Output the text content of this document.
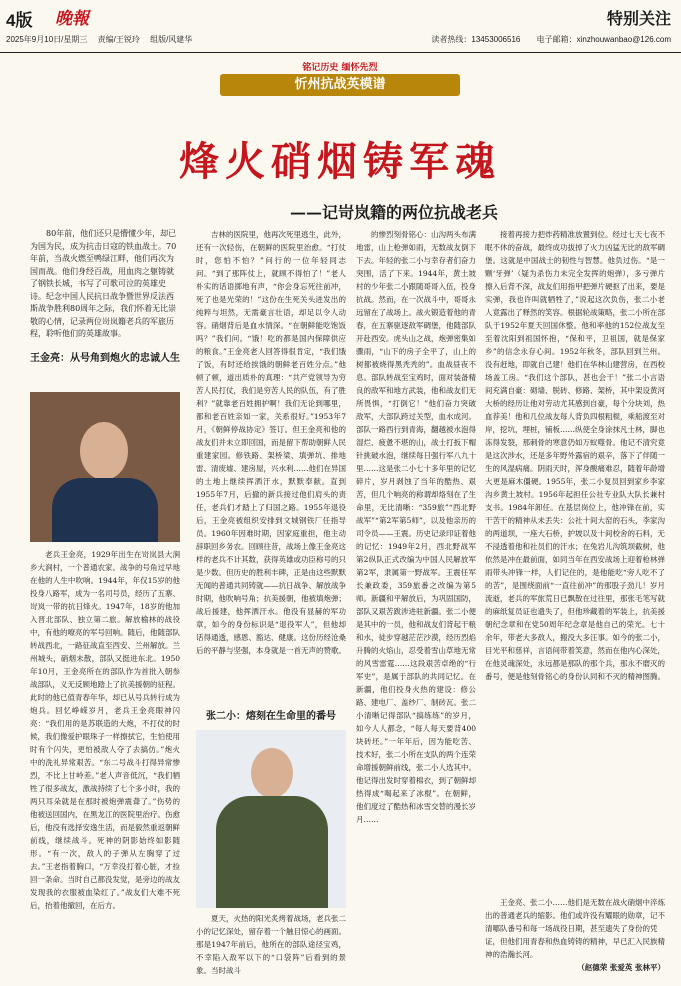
4版 晚報	特别关注
2025年9月10日/星期三 责编/王锐玲 组版/风建华	读者热线：13453006516 电子邮箱：xinzhouwanbao@126.com
铭记历史 缅怀先烈
忻州抗战英模谱
烽火硝烟铸军魂
——记岢岚籍的两位抗战老兵

80年前，他们还只是懵懂少年，却已为国为民，成为抗击日寇的铁血战士。70年前，当战火燃至鸭绿江畔，他们再次为国而战。他们身经百战，用血肉之躯铸就了钢铁长城，书写了可歌可泣的英雄史诗。纪念中国人民抗日战争暨世界反法西斯战争胜利80周年之际，我们怀着无比崇敬的心情，记录两位岢岚籍老兵的军旅历程，聆听他们的英雄故事。

王金亮：从号角到炮火的忠诚人生

老兵王金亮，1929年出生在岢岚县大涧乡大涧村，一个普通农家。战争的号角过早地在他的人生中吹响。1944年，年仅15岁的他投身八路军，成为一名司号员，经历了五寨、岢岚一带的抗日烽火。1947年，18岁的他加入晋北部队、独立第二旅。解放榆林的战役中，有他的嘹亮的军号回响。随后，他随部队转战西北，一路征战直至西安、兰州解放。兰州城头，硝烟未散，部队又挺进东北。1950年10月，王金亮所在的部队作为首批入朝参战部队，义无反顾地踏上了抗美援朝的征程。此时的他已值青春年华，却已从号兵转行成为炮兵。回忆峥嵘岁月，老兵王金亮眼神闪亮：“我们用的是苏联造的大炮，不打仗的时候，我们像爱护眼珠子一样擦拭它，生怕使用时有个闪失，更怕被敌人夺了去搞仿。”炮火中的洗礼异常艰苦。“东二号战斗打得异常惨烈，不比上甘岭差。”老人声音低沉，“我们牺牲了很多战友，激战持续了七个多小时，我的两只耳朵就是在那时被炮弹震聋了。”伤势的他被送回国内，在黑龙江的医院里治疗。伤愈后，他没有选择安逸生活，而是毅然重返朝鲜前线，继续战斗。死神的阴影始终如影随形。“有一次，敌人的子弹从左胸穿了过去。”王老指着胸口，“万幸没打着心脏，才捡回一条命。当时自己都没发觉，是旁边的战友发现我的衣服被血染红了。”战友们大难不死后，抬着他撤回，在后方。

吉林的医院里，他再次死里逃生，此外，还有一次轻伤，在朝鲜的医院里治愈。“打仗时，您怕不怕？”问行的一位年轻同志问。“到了那阵仗上，就顾不得怕了！”老人朴实的话语掷地有声，“你会身忘死往前冲，死了也是光荣的！”这份在生死关头迸发出的纯粹与坦然，无需豪言壮语，却足以令人动容。硝烟背后是血水情深。“在朝鲜能吃饱饭吗？”我们问。“饿！吃的都是国内保障供应的粮食。”王金亮老人回答得很肯定，“我们饿了饭，有时还给挨饿的朝鲜老百姓分点。”他顿了顿，道出质朴的真理：“共产党领导为穷苦人民打仗，我们是穷苦人民的队伍，有了胜利？”就靠老百姓拥护啊！我们无论到哪里，都和老百姓亲如一家，关系很好。”1953年7月，《朝鲜停战协定》签订。但王金亮和他的战友们并未立即回国，而是留下帮助朝鲜人民重建家园。修铁路、架桥梁、填弹坑、排地雷、清废墟、建房屋，兴水利……他们在异国的土地上继续挥洒汗水，默默奉献。直到1955年7月，后撤的新兵接过他们肩头的责任，老兵们才踏上了归国之路。1955年退役后，王金亮被组织安排到文城钢铁厂任指导员。1960年因难时期，因家庭重担，他主动辞职回乡务农。回顾往昔，战场上像王金亮这样的老兵不计其数，获得英雄或功臣称号的只是少数。但历史的胜利丰碑，正是由这些默默无闻的普通共同铸就——抗日战争、解放战争时期，他吹响号角；抗美援朝，他被填炮弹；战后援建，他挥洒汗水。他没有显赫的军功章，如今的身份标识是“退役军人”，但他却话得通透，感恩、豁达、健康。这份历经沧桑后的平静与坚强，本身就是一首无声的赞歌。

张二小：熔刻在生命里的番号

夏天，火热的阳光炙烤着战场，老兵张二小的记忆深处，留存着一个触目惊心的画面。那是1947年前后，他所在的部队途径宝鸡，不幸陷入敌军以下的“口袋阵”后看到的景象。当时战斗

的惨烈刻骨铭心：山沟两头布满地雷，山上枪弹如雨，无数战友倒下下去。年轻的张二小与幸存者们奋力突围，活了下来。1944年，黄土坡村的少年张二小跟随哥哥入伍，投身抗战。然而，在一次战斗中，哥哥永远留在了战场上。战火锻造着他的青春，在五寨驱逐敌军碉堡，他随部队开赴西安。虎头山之战，炮弹密集如骤雨，“山下的房子全平了，山上的树都被烧得黑秃秃的”。血战昼夜不息。部队转战至宝鸡时，面对装备精良的敌军和地方武装，他和战友们无所畏惧，“打倒它！”他们奋力突破敌军，大部队跨过关型，血水成河。部队一路西行到青海，翻越被水泡得湿烂、疲惫不堪的山，战士打扳下帽针挑破水泡，继续每日强行军八九十里……这是张二小七十多年里的记忆碎片，岁月剥蚀了当年的酷热、艰苦，但几个响亮的称谓却烙刻在了生命里，无比清晰：“359旅”“西北野战军”“第2军第5师”，以及他亲历的司令员——王震。历史记录印证着他的记忆：1949年2月，西北野战军第2纵队正式改编为中国人民解放军第2军，隶属第一野战军。王震任军长兼政委，359旅番之改编为第5师。新疆和平解放后，为巩固国防，部队又艰苦跋涉进驻新疆。张二小便是其中的一员，他和战友们背起干粮和水，徒步穿越茫茫沙漠，经历烈焰升腾的火焰山，忍受着雪山草地无常的风雪雷霆……这段艰苦卓绝的“行军史”，是属于部队的共同记忆。在新疆，他们投身火热的建设：修公路、建电厂、盖纱厂、制砖瓦。张二小清晰记得部队“搞练练”的岁月，如今人人都念，“每人每天要背400块砖坯。”一年年后，因为能吃苦、技术好，张二小所在支队的两个连荣命增援朝鲜前线，张二小人选其中。他记得出发时穿着棉衣，到了朝鲜却热得成“喝起来了冰棍”。在朝鲜，他们度过了酷热和冰雪交替的漫长岁月……

接着再接力把炸药精准放置到位。经过七天七夜不眠不休的奋战，最终成功拔掉了火力凶猛无比的敌军碉堡。这就是中国战士的韧性与智慧。他负过伤。“是一颗‘牙弹’（疑为杀伤力未完全发挥的炮弹），多亏弹片擦入后背不深，战友们用指甲把弹片硬抠了出来，要是实弹，我也许叫就牺牲了，”说起这次负伤，张二小老人竟露出了释然的笑容。根据轮战策略，张二小所在部队于1952年夏天回国休整。他和率他的152位战友至至着沈阳到祖国怀抱，“保和平，卫祖国，就是保家乡”的信念永存心间。1952年秋冬，部队回到兰州。没有赶地，即就自己建！他们在华林山建营房，在西校场盖工房。“我们这个部队，甚也会干！”张二小言语间充满自豪：砌墙、脱砖、修路、架桥，其中架设黄河大桥的经历让他对劳动尤其感到自豪，每个分块刘，热血荐美！他和几位战友每人背负四根粗棍，乘船渡至对岸，挖坑，埋桩，铺板……纵使全身涂抹凡士林，脚也冻得发裂，那刺骨的寒意仍如万蚁噬骨。他记不清究竟是这次涉水，还是多年野外露宿的艰辛，落下了伴随一生的风湿病痛。阴雨天时，浑身酸痛难忍，随着年龄增大更是麻木僵硬。1955年，张二小复员回到家乡李家沟乡黄土坡村。1956年起担任公社专业队大队长兼村支书。1984年卸任。在基层岗位上，他冲锋在前，实干苦干的精神从未丢失：公社十间大窑的石头，李家沟的两道坝，一座大石桥，护坡以及十间校舍的石料，无不浸透着他和社员们的汗水；在兔岩儿沟筑坝截树，他依然是冲在最前面，如同当年在西安战场上迎着枪林弹雨带头冲锋一样，人们记住的，是他能吃“旁人吃不了的苦”，是围绕面前“一直往前冲”的那股子劲儿！岁月流逝，老兵的军旅荒日已飘散在过往里，那张毛笔写就的麻纸复员证也遗失了，但他珍藏着的军装上，抗美援朝纪念章和在党50周年纪念章是他自己的荣光。七十余年，带老大多敌人，搬没大多汪事。如今的张二小，目光平和慈祥，言语间带着笑意，然而在他内心深处，在他灵魂深处，永远都是那队的那个兵，那永不磨灭的番号，便是他刻骨铭心的身份认同和不灭的精神图腾。

王金亮、张二小……他们是无数在战火硝烟中淬炼出的普通老兵的缩影。他们或许没有耀眼的勋章，记不清哪队番号和每一场战役日期，甚至遗失了身份的凭证，但他们用青春和热血铸铸的精神，早已汇入民族精神的浩瀚长河。

（赵德荣 张爱英 张林平）
